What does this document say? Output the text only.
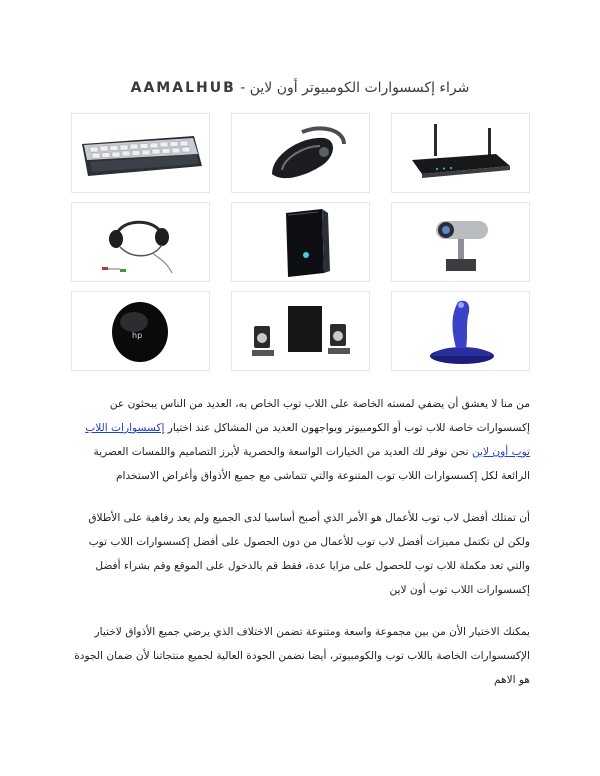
شراء إكسسوارات الكومبيوتر أون لاين - AAMALHUB
hp

من منا لا يعشق أن يضفي لمسته الخاصة على اللاب توب الخاص به، العديد من الناس يبحثون عن إكسسوارات خاصة للاب توب أو الكومبيوتر ويواجهون العديد من المشاكل عند اختيار إكسسوارات اللاب توب أون لاين نحن نوفر لك العديد من الخيارات الواسعة والحصرية لأبرز التصاميم واللمسات العصرية الرائعة لكل إكسسوارات اللاب توب المتنوعة والتي تتماشى مع جميع الأذواق وأغراض الاستخدام

أن تمتلك أفضل لاب توب للأعمال هو الأمر الذي أصبح أساسيا لدى الجميع ولم يعد رفاهية على الأطلاق ولكن لن تكتمل مميزات أفضل لاب توب للأعمال من دون الحصول على أفضل إكسسوارات اللاب توب والتي تعد مكملة للاب توب للحصول على مزايا عدة، فقط قم بالدخول على الموقع وقم بشراء أفضل إكسسوارات اللاب توب أون لاين

يمكنك الاختيار الأن من بين مجموعة واسعة ومتنوعة تضمن الاختلاف الذي يرضي جميع الأذواق لاختيار الإكسسوارات الخاصة باللاب توب والكومبيوتر، أيضا نضمن الجودة العالية لجميع منتجاتنا لأن ضمان الجودة هو الاهم
